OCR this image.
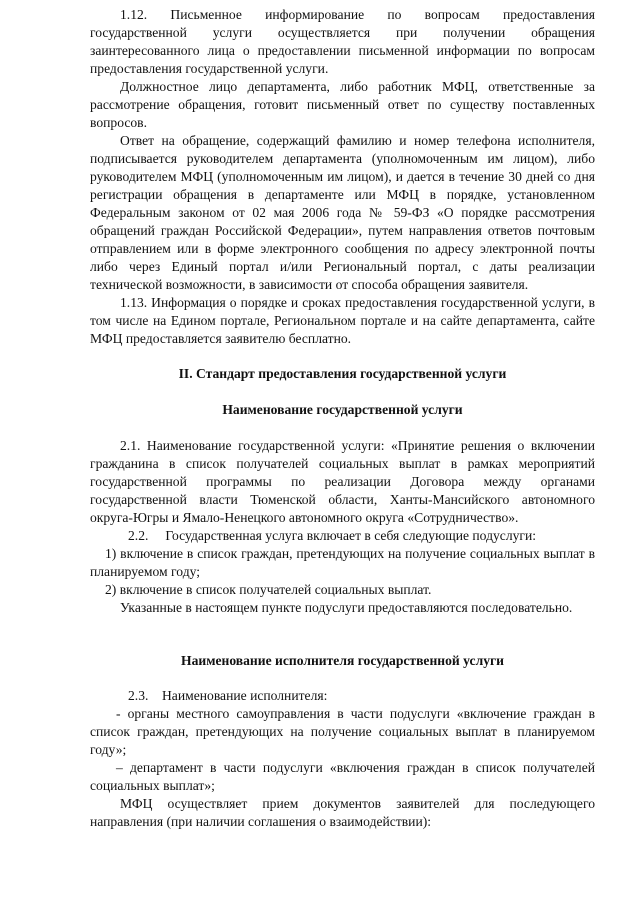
1.12. Письменное информирование по вопросам предоставления государственной услуги осуществляется при получении обращения заинтересованного лица о предоставлении письменной информации по вопросам предоставления государственной услуги.

Должностное лицо департамента, либо работник МФЦ, ответственные за рассмотрение обращения, готовит письменный ответ по существу поставленных вопросов.

Ответ на обращение, содержащий фамилию и номер телефона исполнителя, подписывается руководителем департамента (уполномоченным им лицом), либо руководителем МФЦ (уполномоченным им лицом), и дается в течение 30 дней со дня регистрации обращения в департаменте или МФЦ в порядке, установленном Федеральным законом от 02 мая 2006 года № 59-ФЗ «О порядке рассмотрения обращений граждан Российской Федерации», путем направления ответов почтовым отправлением или в форме электронного сообщения по адресу электронной почты либо через Единый портал и/или Региональный портал, с даты реализации технической возможности, в зависимости от способа обращения заявителя.

1.13. Информация о порядке и сроках предоставления государственной услуги, в том числе на Едином портале, Региональном портале и на сайте департамента, сайте МФЦ предоставляется заявителю бесплатно.

II. Стандарт предоставления государственной услуги

Наименование государственной услуги

2.1. Наименование государственной услуги: «Принятие решения о включении гражданина в список получателей социальных выплат в рамках мероприятий государственной программы по реализации Договора между органами государственной власти Тюменской области, Ханты-Мансийского автономного округа-Югры и Ямало-Ненецкого автономного округа «Сотрудничество».

2.2.     Государственная услуга включает в себя следующие подуслуги:

1) включение в список граждан, претендующих на получение социальных выплат в планируемом году;

2) включение в список получателей социальных выплат.

Указанные в настоящем пункте подуслуги предоставляются последовательно.

Наименование исполнителя государственной услуги

2.3.    Наименование исполнителя:

- органы местного самоуправления в части подуслуги «включение граждан в список граждан, претендующих на получение социальных выплат в планируемом году»;

– департамент в части подуслуги «включения граждан в список получателей социальных выплат»;

МФЦ осуществляет прием документов заявителей для последующего направления (при наличии соглашения о взаимодействии):
